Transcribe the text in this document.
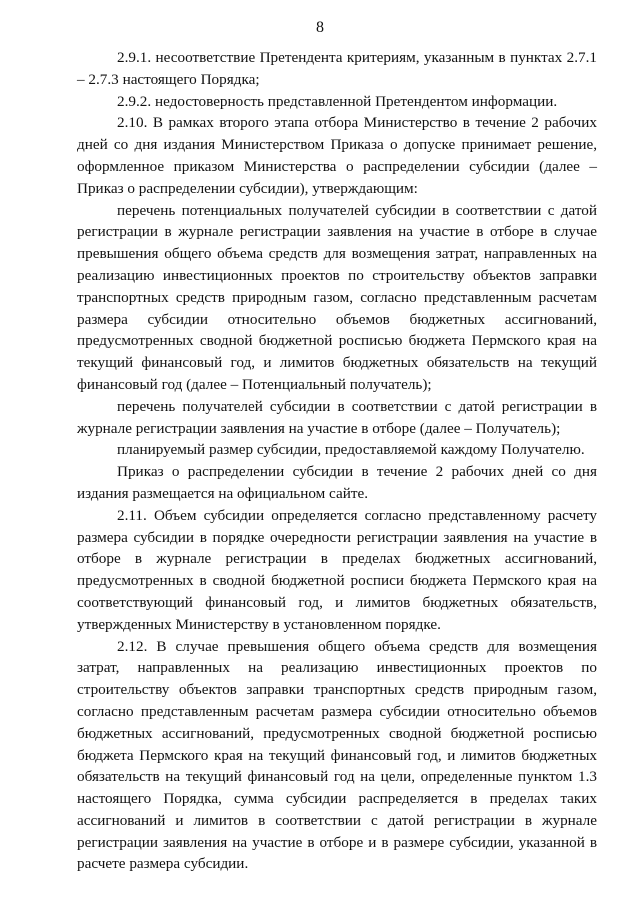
8

2.9.1. несоответствие Претендента критериям, указанным в пунктах 2.7.1 – 2.7.3 настоящего Порядка;

2.9.2. недостоверность представленной Претендентом информации.

2.10. В рамках второго этапа отбора Министерство в течение 2 рабочих дней со дня издания Министерством Приказа о допуске принимает решение, оформленное приказом Министерства о распределении субсидии (далее – Приказ о распределении субсидии), утверждающим:

перечень потенциальных получателей субсидии в соответствии с датой регистрации в журнале регистрации заявления на участие в отборе в случае превышения общего объема средств для возмещения затрат, направленных на реализацию инвестиционных проектов по строительству объектов заправки транспортных средств природным газом, согласно представленным расчетам размера субсидии относительно объемов бюджетных ассигнований, предусмотренных сводной бюджетной росписью бюджета Пермского края на текущий финансовый год, и лимитов бюджетных обязательств на текущий финансовый год (далее – Потенциальный получатель);

перечень получателей субсидии в соответствии с датой регистрации в журнале регистрации заявления на участие в отборе (далее – Получатель);

планируемый размер субсидии, предоставляемой каждому Получателю.

Приказ о распределении субсидии в течение 2 рабочих дней со дня издания размещается на официальном сайте.

2.11. Объем субсидии определяется согласно представленному расчету размера субсидии в порядке очередности регистрации заявления на участие в отборе в журнале регистрации в пределах бюджетных ассигнований, предусмотренных в сводной бюджетной росписи бюджета Пермского края на соответствующий финансовый год, и лимитов бюджетных обязательств, утвержденных Министерству в установленном порядке.

2.12. В случае превышения общего объема средств для возмещения затрат, направленных на реализацию инвестиционных проектов по строительству объектов заправки транспортных средств природным газом, согласно представленным расчетам размера субсидии относительно объемов бюджетных ассигнований, предусмотренных сводной бюджетной росписью бюджета Пермского края на текущий финансовый год, и лимитов бюджетных обязательств на текущий финансовый год на цели, определенные пунктом 1.3 настоящего Порядка, сумма субсидии распределяется в пределах таких ассигнований и лимитов в соответствии с датой регистрации в журнале регистрации заявления на участие в отборе и в размере субсидии, указанной в расчете размера субсидии.
